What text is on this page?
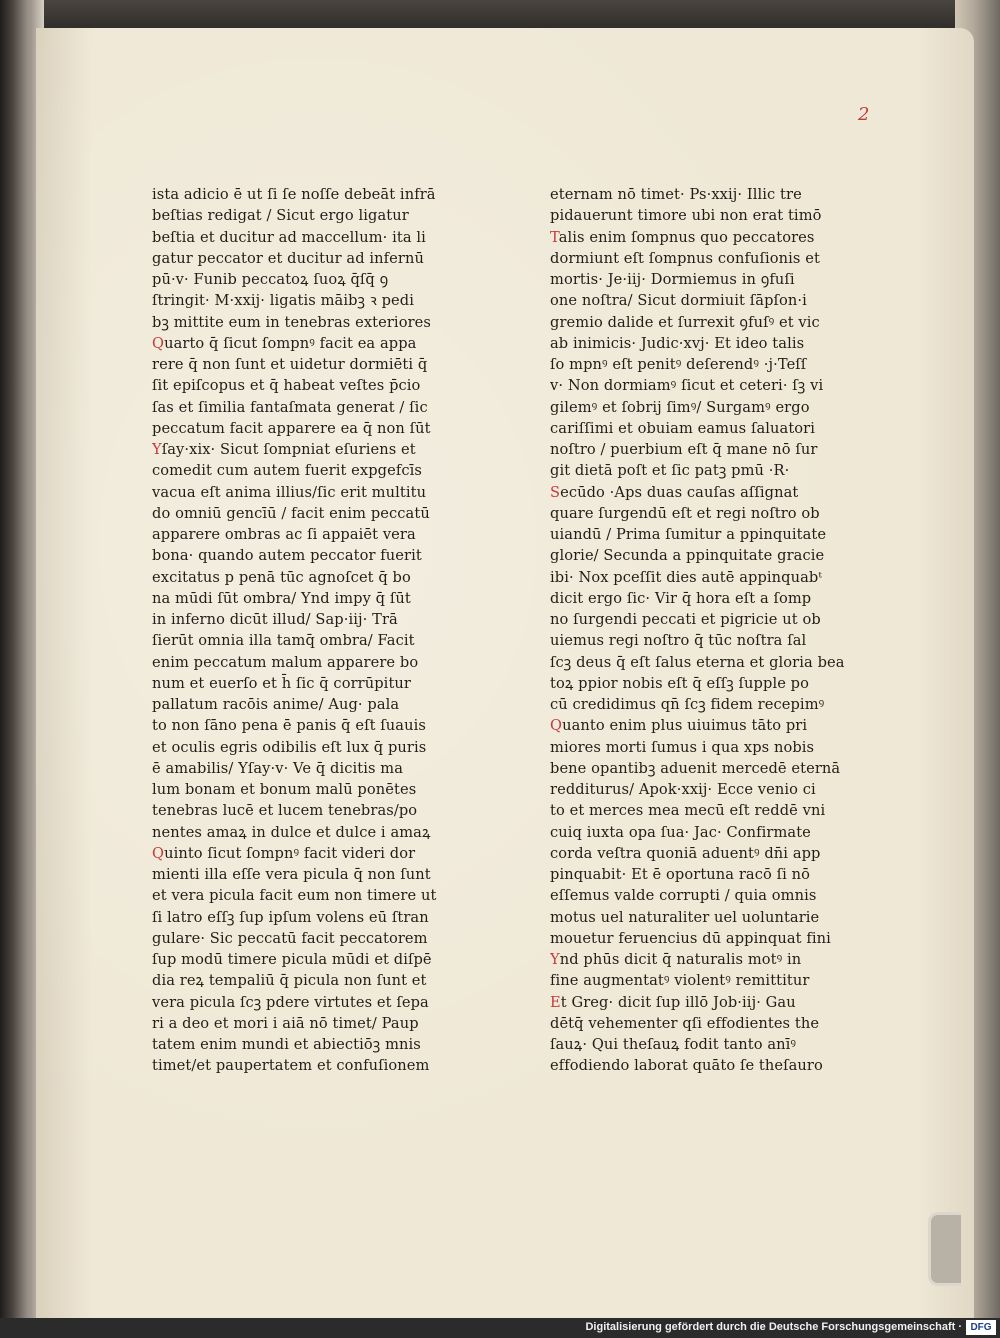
2
ista adicio ē ut ſi ſe noſſe debeāt infrā
beſtias redigat / Sicut ergo ligatur
beſtia et ducitur ad maccellum· ita li
gatur peccator et ducitur ad infernū
pū·v· Funib peccatoꝝ ſuoꝝ q̄ſq̄ ꝯ
ſtringit· M·xxij· ligatis māibꝫ ꝛ pedi
bꝫ mittite eum in tenebras exteriores
Quarto q̄ ſicut ſompnꝰ facit ea appa
rere q̄ non ſunt et uidetur dormiēti q̄
ſit epiſcopus et q̄ habeat veſtes p̄cio
ſas et ſimilia fantaſmata generat / ſic
peccatum facit apparere ea q̄ non ſūt
Yſay·xix· Sicut ſompniat eſuriens et
comedit cum autem fuerit expgefcīs
vacua eſt anima illius/ſic erit multitu
do omniū gencīū / facit enim peccatū
apparere ombras ac ſi appaiēt vera
bona· quando autem peccator fuerit
excitatus p penā tūc agnoſcet q̄ bo
na mūdi ſūt ombra/ Ynd impy q̄ ſūt
in inferno dicūt illud/ Sap·iij· Trā
ſierūt omnia illa tamq̄ ombra/ Facit
enim peccatum malum apparere bo
num et euerſo et h̄ ſic q̄ corrūpitur
pallatum racōis anime/ Aug· pala
to non ſāno pena ē panis q̄ eſt ſuauis
et oculis egris odibilis eſt lux q̄ puris
ē amabilis/ Yſay·v· Ve q̄ dicitis ma
lum bonam et bonum malū ponētes
tenebras lucē et lucem tenebras/po
nentes amaꝝ in dulce et dulce i amaꝝ
Quinto ſicut ſompnꝰ facit videri dor
mienti illa eſſe vera picula q̄ non ſunt
et vera picula facit eum non timere ut
ſi latro eſſꝫ ſup ipſum volens eū ſtran
gulare· Sic peccatū facit peccatorem
ſup modū timere picula mūdi et diſpē
dia reꝝ tempaliū q̄ picula non ſunt et
vera picula ſcꝫ pdere virtutes et ſepa
ri a deo et mori i aiā nō timet/ Paup
tatem enim mundi et abiectiōꝫ mnis
timet/et paupertatem et confuſionem
eternam nō timet· Ps·xxij· Illic tre
pidauerunt timore ubi non erat timō
Talis enim ſompnus quo peccatores
dormiunt eſt ſompnus confuſionis et
mortis· Je·iij· Dormiemus in ꝯfuſi
one noſtra/ Sicut dormiuit ſāpſon·i
gremio dalide et ſurrexit ꝯfuſꝰ et vic
ab inimicis· Judic·xvj· Et ideo talis
ſo mpnꝰ eſt penitꝰ deſerendꝰ ·j·Teſſ
v· Non dormiamꝰ ſicut et ceteri· ſꝫ vi
gilemꝰ et ſobrij ſimꝰ/ Surgamꝰ ergo
cariſſimi et obuiam eamus ſaluatori
noſtro / puerbium eſt q̄ mane nō ſur
git dietā poſt et ſic patꝫ pmū ·R·
Secūdo ·Aps duas cauſas aſſignat
quare ſurgendū eſt et regi noſtro ob
uiandū / Prima ſumitur a ppinquitate
glorie/ Secunda a ppinquitate gracie
ibi· Nox pceſſit dies autē appinquabᵗ
dicit ergo ſic· Vir q̄ hora eſt a ſomp
no ſurgendi peccati et pigricie ut ob
uiemus regi noſtro q̄ tūc noſtra ſal
ſcꝫ deus q̄ eſt ſalus eterna et gloria bea
toꝝ ppior nobis eſt q̄ eſſꝫ ſupple po
cū credidimus qn̄ ſcꝫ fidem recepimꝰ
Quanto enim plus uiuimus tāto pri
miores morti ſumus i qua xps nobis
bene opantibꝫ aduenit mercedē eternā
redditurus/ Apok·xxij· Ecce venio ci
to et merces mea mecū eſt reddē vni
cuiq iuxta opa ſua· Jac· Confirmate
corda veſtra quoniā aduentꝰ dn̄i app
pinquabit· Et ē oportuna racō ſi nō
eſſemus valde corrupti / quia omnis
motus uel naturaliter uel uoluntarie
mouetur feruencius dū appinquat fini
Ynd phūs dicit q̄ naturalis motꝰ in
fine augmentatꝰ violentꝰ remittitur
Et Greg· dicit ſup illō Job·iij· Gau
dētq̄ vehementer qſi effodientes the
ſauꝝ· Qui theſauꝝ fodit tanto anīꝰ
effodiendo laborat quāto ſe theſauro
Digitalisierung gefördert durch die Deutsche Forschungsgemeinschaft · DFG
